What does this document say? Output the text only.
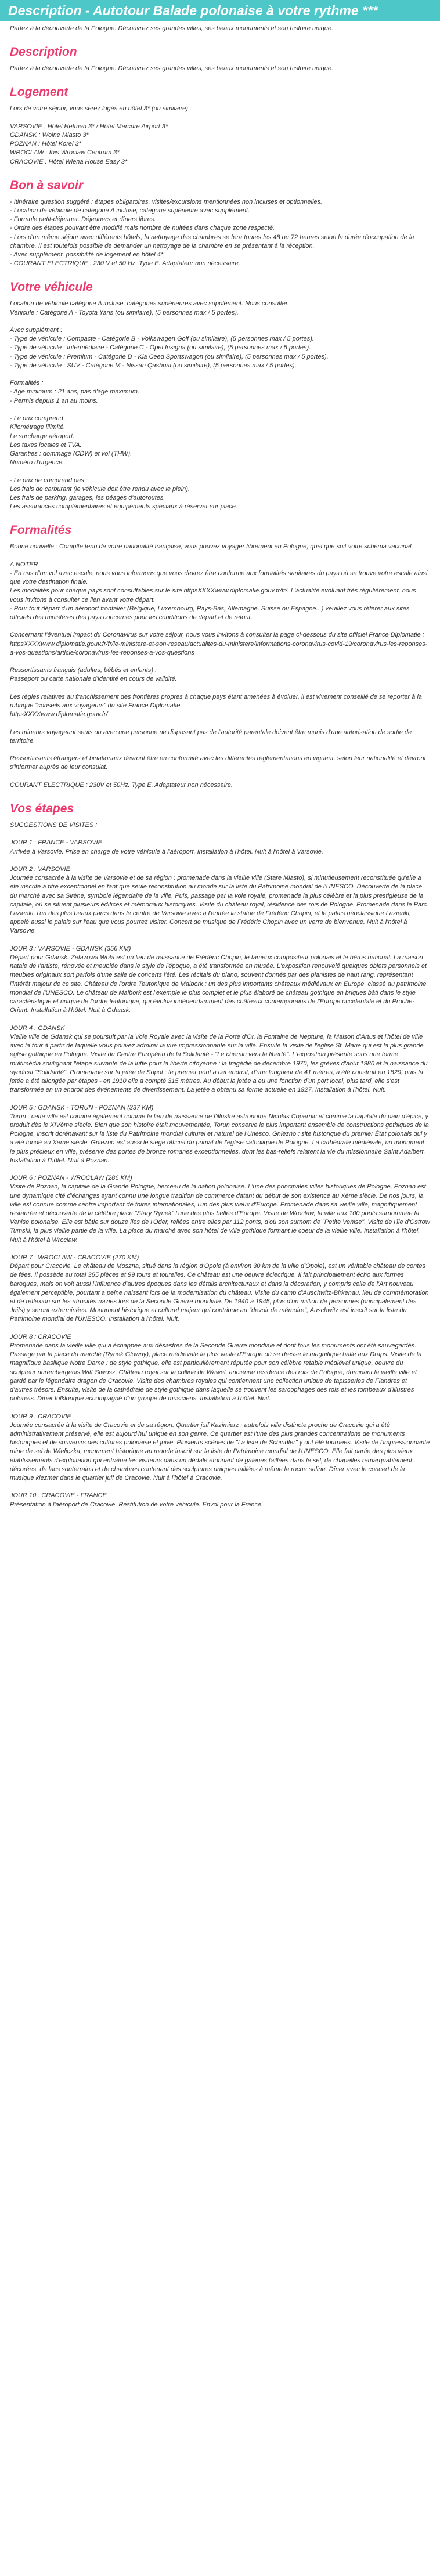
Description - Autotour Balade polonaise à votre rythme ***

Partez à la découverte de la Pologne. Découvrez ses grandes villes, ses beaux monuments et son histoire unique.

Description

Partez à la découverte de la Pologne. Découvrez ses grandes villes, ses beaux monuments et son histoire unique.

Logement

Lors de votre séjour, vous serez logés en hôtel 3* (ou similaire) :

VARSOVIE : Hôtel Hetman 3* / Hôtel Mercure Airport 3*
GDANSK : Wolne Miasto 3*
POZNAN : Hôtel Korel 3*
WROCLAW : Ibis Wroclaw Centrum 3*
CRACOVIE : Hôtel Wiena House Easy 3*

Bon à savoir

- Itinéraire question suggéré : étapes obligatoires, visites/excursions mentionnées non incluses et optionnelles.
- Location de véhicule de catégorie A incluse, catégorie supérieure avec supplément.
- Formule petit-déjeuner. Déjeuners et dîners libres.
- Ordre des étapes pouvant être modifié mais nombre de nuitées dans chaque zone respecté.
- Lors d'un même séjour avec différents hôtels, la nettoyage des chambres se fera toutes les 48 ou 72 heures selon la durée d'occupation de la chambre. Il est toutefois possible de demander un nettoyage de la chambre en se présentant à la réception.
- Avec supplément, possibilité de logement en hôtel 4*.
- COURANT ELECTRIQUE : 230 V et 50 Hz. Type E. Adaptateur non nécessaire.

Votre véhicule

Location de véhicule catégorie A incluse, catégories supérieures avec supplément. Nous consulter.
Véhicule : Catégorie A - Toyota Yaris (ou similaire), (5 personnes max / 5 portes).

Avec supplément :
- Type de véhicule : Compacte - Catégorie B - Volkswagen Golf (ou similaire), (5 personnes max / 5 portes).
- Type de véhicule : Intermédiaire - Catégorie C - Opel Insigna (ou similaire), (5 personnes max / 5 portes).
- Type de véhicule : Premium - Catégorie D - Kia Ceed Sportswagon (ou similaire), (5 personnes max / 5 portes).
- Type de véhicule : SUV - Catégorie M - Nissan Qashqai (ou similaire), (5 personnes max / 5 portes).

Formalités :
- Age minimum : 21 ans, pas d'âge maximum.
- Permis depuis 1 an au moins.

- Le prix comprend :
Kilométrage illimité.
Le surcharge aéroport.
Les taxes locales et TVA.
Garanties : dommage (CDW) et vol (THW).
Numéro d'urgence.

- Le prix ne comprend pas :
Les frais de carburant (le véhicule doit être rendu avec le plein).
Les frais de parking, garages, les péages d'autoroutes.
Les assurances complémentaires et équipements spéciaux à réserver sur place.

Formalités

Bonne nouvelle : Complte tenu de votre nationalité française, vous pouvez voyager librement en Pologne, quel que soit votre schéma vaccinal.

A NOTER
- En cas d'un vol avec escale, nous vous informons que vous devrez être conforme aux formalités sanitaires du pays où se trouve votre escale ainsi que votre destination finale.
Les modalités pour chaque pays sont consultables sur le site httpsXXXXwww.diplomatie.gouv.fr/fr/. L'actualité évoluant très régulièrement, nous vous invitons à consulter ce lien avant votre départ.
- Pour tout départ d'un aéroport frontalier (Belgique, Luxembourg, Pays-Bas, Allemagne, Suisse ou Espagne...) veuillez vous référer aux sites officiels des ministères des pays concernés pour les conditions de départ et de retour.

Concernant l'éventuel impact du Coronavirus sur votre séjour, nous vous invitons à consulter la page ci-dessous du site officiel France Diplomatie :
httpsXXXXwww.diplomatie.gouv.fr/fr/le-ministere-et-son-reseau/actualites-du-ministere/informations-coronavirus-covid-19/coronavirus-les-reponses-a-vos-questions/article/coronavirus-les-reponses-a-vos-questions

Ressortissants français (adultes, bébés et enfants) :
Passeport ou carte nationale d'identité en cours de validité.

Les règles relatives au franchissement des frontières propres à chaque pays étant amenées à évoluer, il est vivement conseillé de se reporter à la rubrique "conseils aux voyageurs" du site France Diplomatie.
httpsXXXXwww.diplomatie.gouv.fr/

Les mineurs voyageant seuls ou avec une personne ne disposant pas de l'autorité parentale doivent être munis d'une autorisation de sortie de territoire.

Ressortissants étrangers et binationaux devront être en conformité avec les différentes réglementations en vigueur, selon leur nationalité et devront s'informer auprès de leur consulat.

COURANT ELECTRIQUE : 230V et 50Hz. Type E. Adaptateur non nécessaire.

Vos étapes

SUGGESTIONS DE VISITES :

JOUR 1 : FRANCE - VARSOVIE
Arrivée à Varsovie. Prise en charge de votre véhicule à l'aéroport. Installation à l'hôtel. Nuit à l'hôtel à Varsovie.

JOUR 2 : VARSOVIE
Journée consacrée à la visite de Varsovie et de sa région : promenade dans la vieille ville (Stare Miasto), si minutieusement reconstituée qu'elle a été inscrite à titre exceptionnel en tant que seule reconstitution au monde sur la liste du Patrimoine mondial de l'UNESCO. Découverte de la place du marché avec sa Sirène, symbole légendaire de la ville. Puis, passage par la voie royale, promenade la plus célèbre et la plus prestigieuse de la capitale, où se situent plusieurs édifices et mémoriaux historiques. Visite du château royal, résidence des rois de Pologne. Promenade dans le Parc Lazienki, l'un des plus beaux parcs dans le centre de Varsovie avec à l'entrée la statue de Frédéric Chopin, et le palais néoclassique Lazienki, appelé aussi le palais sur l'eau que vous pourrez visiter. Concert de musique de Frédéric Chopin avec un verre de bienvenue. Nuit à l'hôtel à Varsovie.

JOUR 3 : VARSOVIE - GDANSK (356 KM)
Départ pour Gdansk. Zelazowa Wola est un lieu de naissance de Frédéric Chopin, le fameux compositeur polonais et le héros national. La maison natale de l'artiste, rénovée et meublée dans le style de l'époque, a été transformée en musée. L'exposition renouvelé quelques objets personnels et meubles originaux sort parfois d'une salle de concerts l'été. Les récitals du piano, souvent donnés par des pianistes de haut rang, représentant l'intérêt majeur de ce site. Château de l'ordre Teutonique de Malbork : un des plus importants châteaux médiévaux en Europe, classé au patrimoine mondial de l'UNESCO. Le château de Malbork est l'exemple le plus complet et le plus élaboré de château gothique en briques bâti dans le style caractéristique et unique de l'ordre teutonique, qui évolua indépendamment des châteaux contemporains de l'Europe occidentale et du Proche-Orient. Installation à l'hôtel. Nuit à Gdansk.

JOUR 4 : GDANSK
Vieille ville de Gdansk qui se poursuit par la Voie Royale avec la visite de la Porte d'Or, la Fontaine de Neptune, la Maison d'Artus et l'hôtel de ville avec la tour à partir de laquelle vous pouvez admirer la vue impressionnante sur la ville. Ensuite la visite de l'église St. Marie qui est la plus grande église gothique en Pologne. Visite du Centre Européen de la Solidarité - "Le chemin vers la liberté". L'exposition présente sous une forme multimédia soulignant l'étape suivante de la lutte pour la liberté citoyenne : la tragédie de décembre 1970, les grèves d'août 1980 et la naissance du syndicat "Solidarité". Promenade sur la jetée de Sopot : le premier pont à cet endroit, d'une longueur de 41 mètres, a été construit en 1829, puis la jetée a été allongée par étapes - en 1910 elle a compté 315 mètres. Au début la jetée a eu une fonction d'un port local, plus tard, elle s'est transformée en un endroit des événements de divertissement. La jetée a obtenu sa forme actuelle en 1927. Installation à l'hôtel. Nuit.

JOUR 5 : GDANSK - TORUN - POZNAN (337 KM)
Torun : cette ville est connue également comme le lieu de naissance de l'illustre astronome Nicolas Copernic et comme la capitale du pain d'épice, y produit dès le XIVème siècle. Bien que son histoire était mouvementée, Torun conserve le plus important ensemble de constructions gothiques de la Pologne, inscrit dorénavant sur la liste du Patrimoine mondial culturel et naturel de l'Unesco. Gniezno : site historique du premier État polonais qui y a été fondé au Xème siècle. Gniezno est aussi le siège officiel du primat de l'église catholique de Pologne. La cathédrale médiévale, un monument le plus précieux en ville, préserve des portes de bronze romanes exceptionnelles, dont les bas-reliefs relatent la vie du missionnaire Saint Adalbert. Installation à l'hôtel. Nuit à Poznan.

JOUR 6 : POZNAN - WROCLAW (286 KM)
Visite de Poznan, la capitale de la Grande Pologne, berceau de la nation polonaise. L'une des principales villes historiques de Pologne, Poznan est une dynamique cité d'échanges ayant connu une longue tradition de commerce datant du début de son existence au Xème siècle. De nos jours, la ville est connue comme centre important de foires internationales, l'un des plus vieux d'Europe. Promenade dans sa vieille ville, magnifiquement restaurée et découverte de la célèbre place "Stary Rynek" l'une des plus belles d'Europe. Visite de Wroclaw, la ville aux 100 ponts surnommée la Venise polonaise. Elle est bâtie sur douze îles de l'Oder, reliées entre elles par 112 ponts, d'où son surnom de "Petite Venise". Visite de l'île d'Ostrow Tumski, la plus vieille partie de la ville. La place du marché avec son hôtel de ville gothique formant le coeur de la vieille ville. Installation à l'hôtel. Nuit à l'hôtel à Wroclaw.

JOUR 7 : WROCLAW - CRACOVIE (270 KM)
Départ pour Cracovie. Le château de Moszna, situé dans la région d'Opole (à environ 30 km de la ville d'Opole), est un véritable château de contes de fées. Il possède au total 365 pièces et 99 tours et tourelles. Ce château est une oeuvre éclectique. Il fait principalement écho aux formes baroques, mais on voit aussi l'influence d'autres époques dans les détails architecturaux et dans la décoration, y compris celle de l'Art nouveau, également perceptible, pourtant a peine naissant lors de la modernisation du château. Visite du camp d'Auschwitz-Birkenau, lieu de commémoration et de réflexion sur les atrocités nazies lors de la Seconde Guerre mondiale. De 1940 à 1945, plus d'un million de personnes (principalement des Juifs) y seront exterminées. Monument historique et culturel majeur qui contribue au "devoir de mémoire", Auschwitz est inscrit sur la liste du Patrimoine mondial de l'UNESCO. Installation à l'hôtel. Nuit.

JOUR 8 : CRACOVIE
Promenade dans la vieille ville qui a échappée aux désastres de la Seconde Guerre mondiale et dont tous les monuments ont été sauvegardés. Passage par la place du marché (Rynek Glowny), place médiévale la plus vaste d'Europe où se dresse le magnifique halle aux Draps. Visite de la magnifique basilique Notre Dame : de style gothique, elle est particulièrement réputée pour son célèbre retable médiéval unique, oeuvre du sculpteur nurembergeois Witt Stwosz. Château royal sur la colline de Wawel, ancienne résidence des rois de Pologne, dominant la vieille ville et gardé par le légendaire dragon de Cracovie. Visite des chambres royales qui contiennent une collection unique de tapisseries de Flandres et d'autres trésors. Ensuite, visite de la cathédrale de style gothique dans laquelle se trouvent les sarcophages des rois et les tombeaux d'illustres polonais. Dîner folklorique accompagné d'un groupe de musiciens. Installation à l'hôtel. Nuit.

JOUR 9 : CRACOVIE
Journée consacrée à la visite de Cracovie et de sa région. Quartier juif Kazimierz : autrefois ville distincte proche de Cracovie qui a été administrativement préservé, elle est aujourd'hui unique en son genre. Ce quartier est l'une des plus grandes concentrations de monuments historiques et de souvenirs des cultures polonaise et juive. Plusieurs scènes de "La liste de Schindler" y ont été tournées. Visite de l'impressionnante mine de sel de Wieliczka, monument historique au monde inscrit sur la liste du Patrimoine mondial de l'UNESCO. Elle fait partie des plus vieux établissements d'exploitation qui entraîne les visiteurs dans un dédale étonnant de galeries taillées dans le sel, de chapelles remarquablement décorées, de lacs souterrains et de chambres contenant des sculptures uniques taillées à même la roche saline. Dîner avec le concert de la musique klezmer dans le quartier juif de Cracovie. Nuit à l'hôtel à Cracovie.

JOUR 10 : CRACOVIE - FRANCE
Présentation à l'aéroport de Cracovie. Restitution de votre véhicule. Envol pour la France.
